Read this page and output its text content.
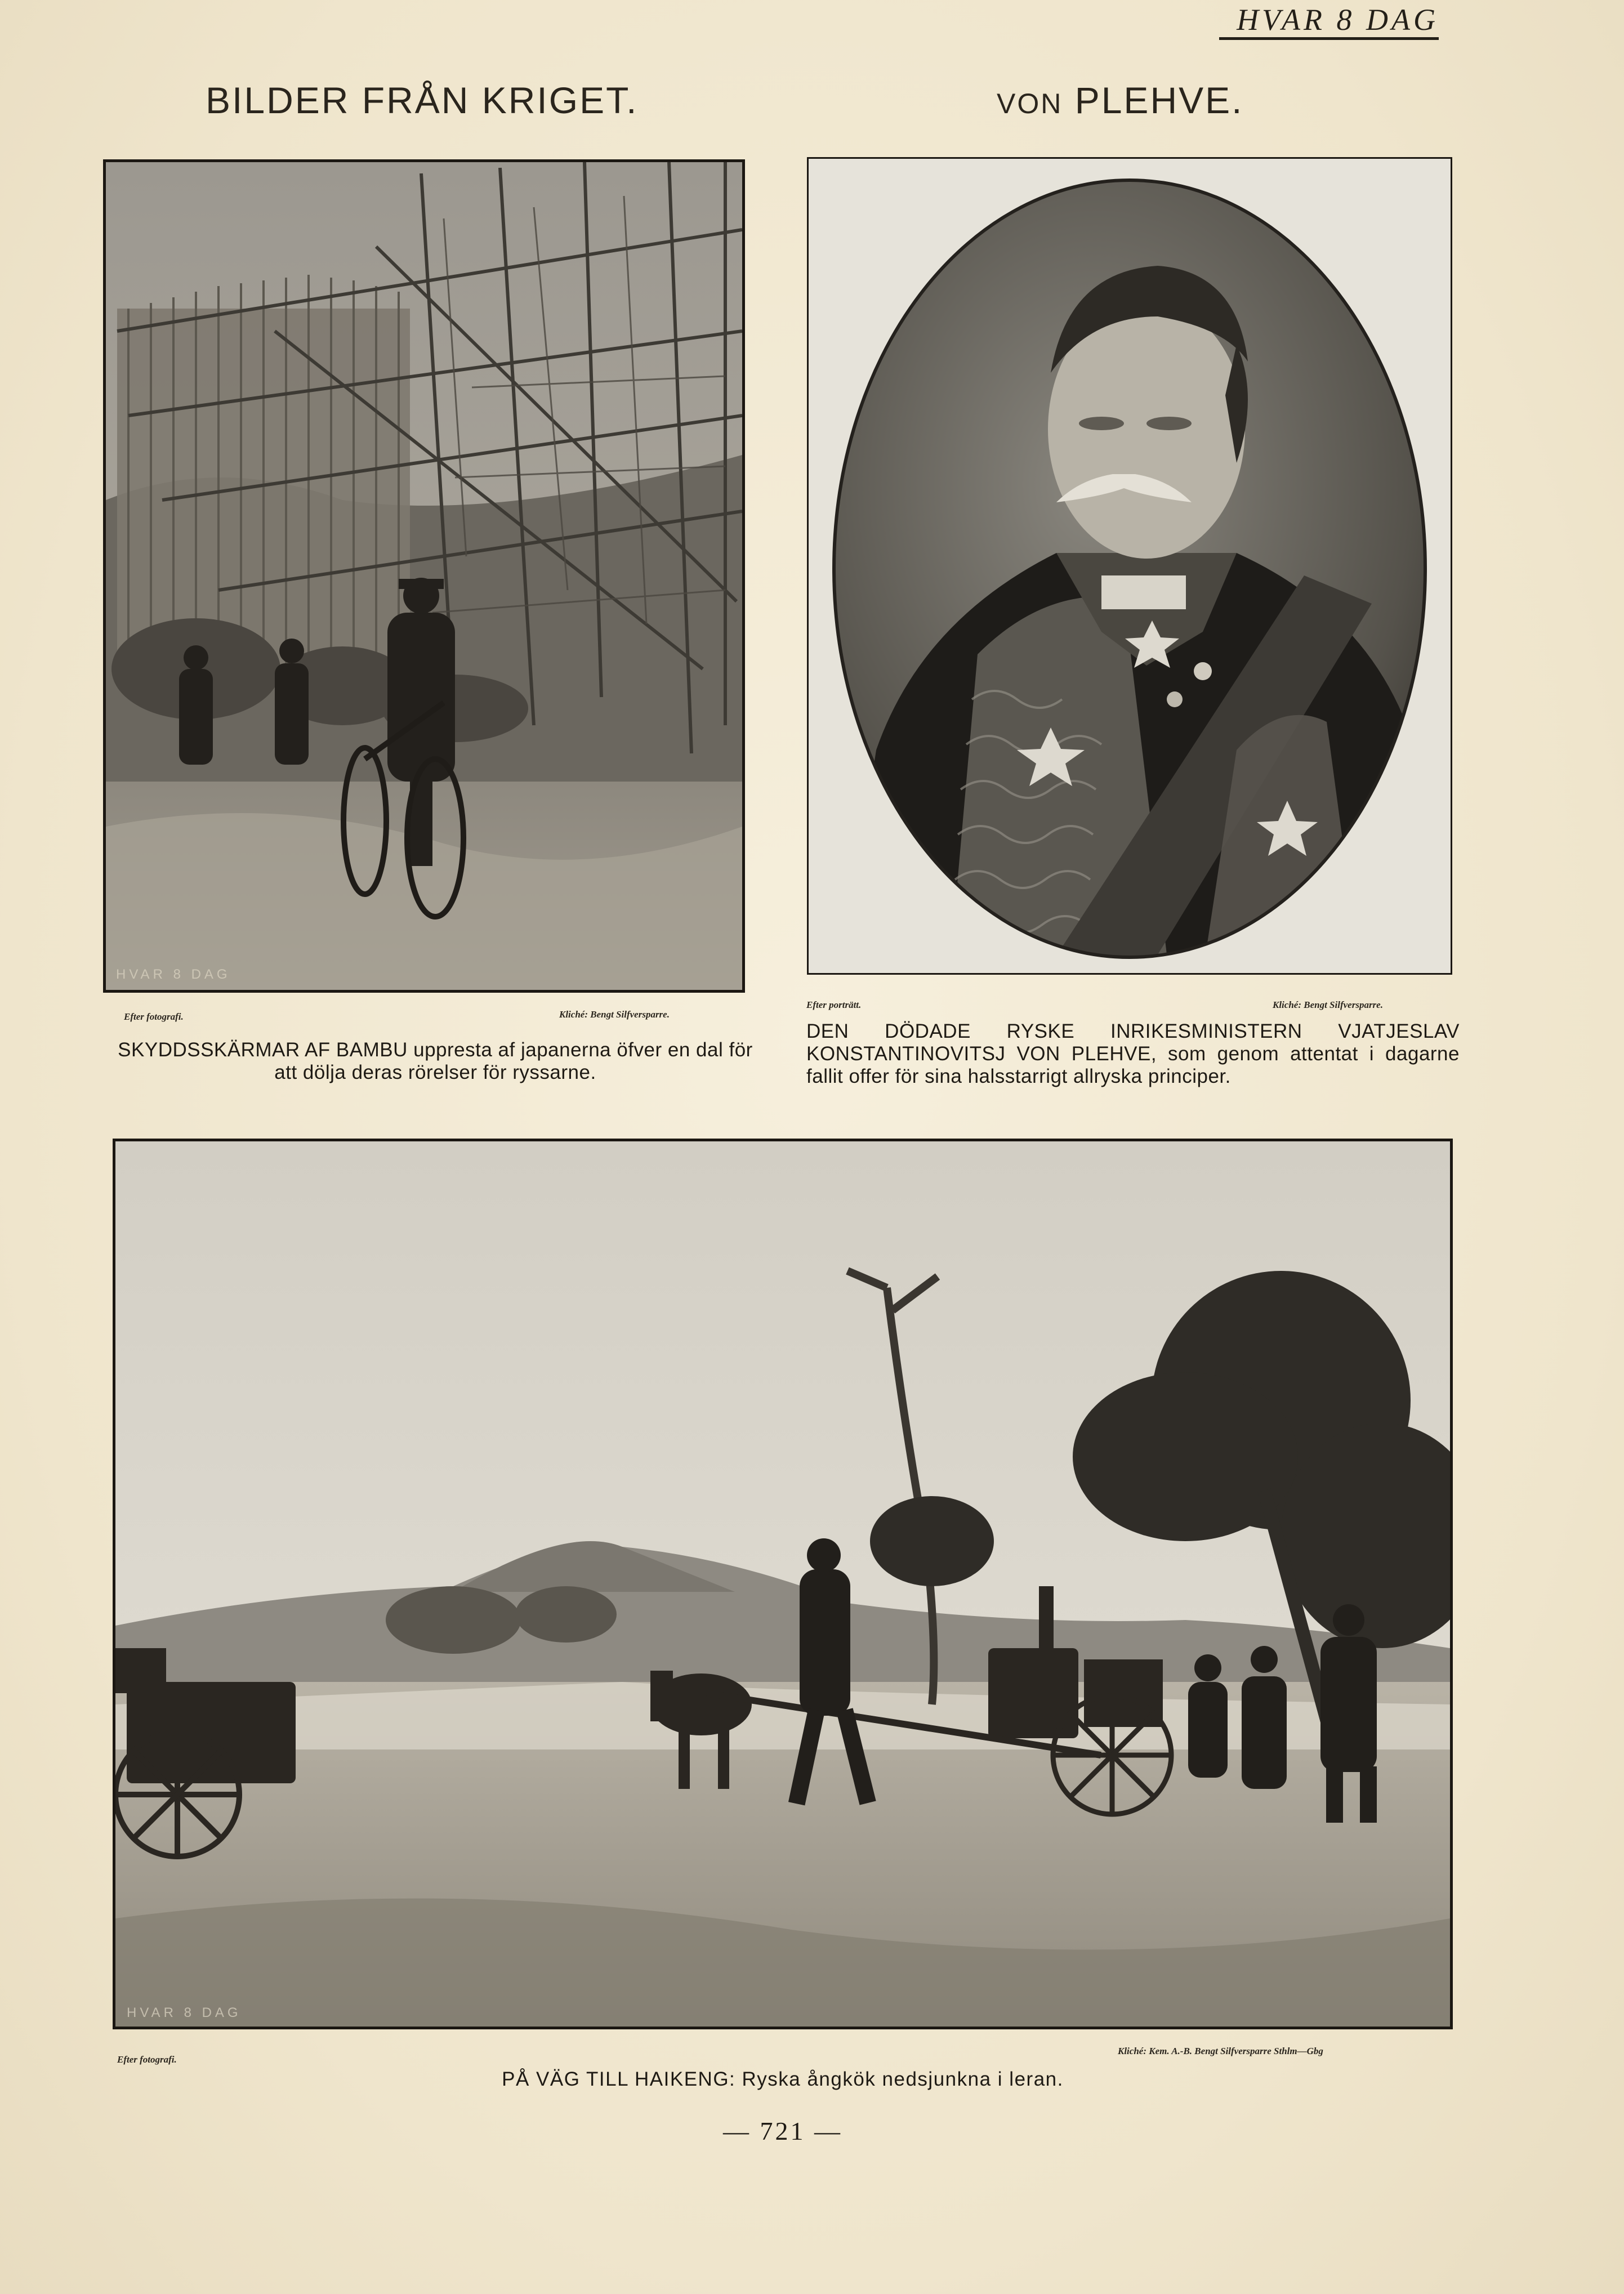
HVAR 8 DAG
BILDER FRÅN KRIGET.	VON PLEHVE.
HVAR 8 DAG
Efter fotografi.	Kliché: Bengt Silfversparre.
SKYDDSSKÄRMAR AF BAMBU uppresta af japanerna öfver en dal för att dölja deras rörelser för ryssarne.
Efter porträtt.	Kliché: Bengt Silfversparre.
DEN DÖDADE RYSKE INRIKESMINISTERN VJATJESLAV KONSTANTINOVITSJ VON PLEHVE, som genom attentat i dagarne fallit offer för sina halsstarrigt allryska principer.
HVAR 8 DAG
Efter fotografi.
Kliché: Kem. A.-B. Bengt Silfversparre Sthlm—Gbg
PÅ VÄG TILL HAIKENG: Ryska ångkök nedsjunkna i leran.
— 721 —
